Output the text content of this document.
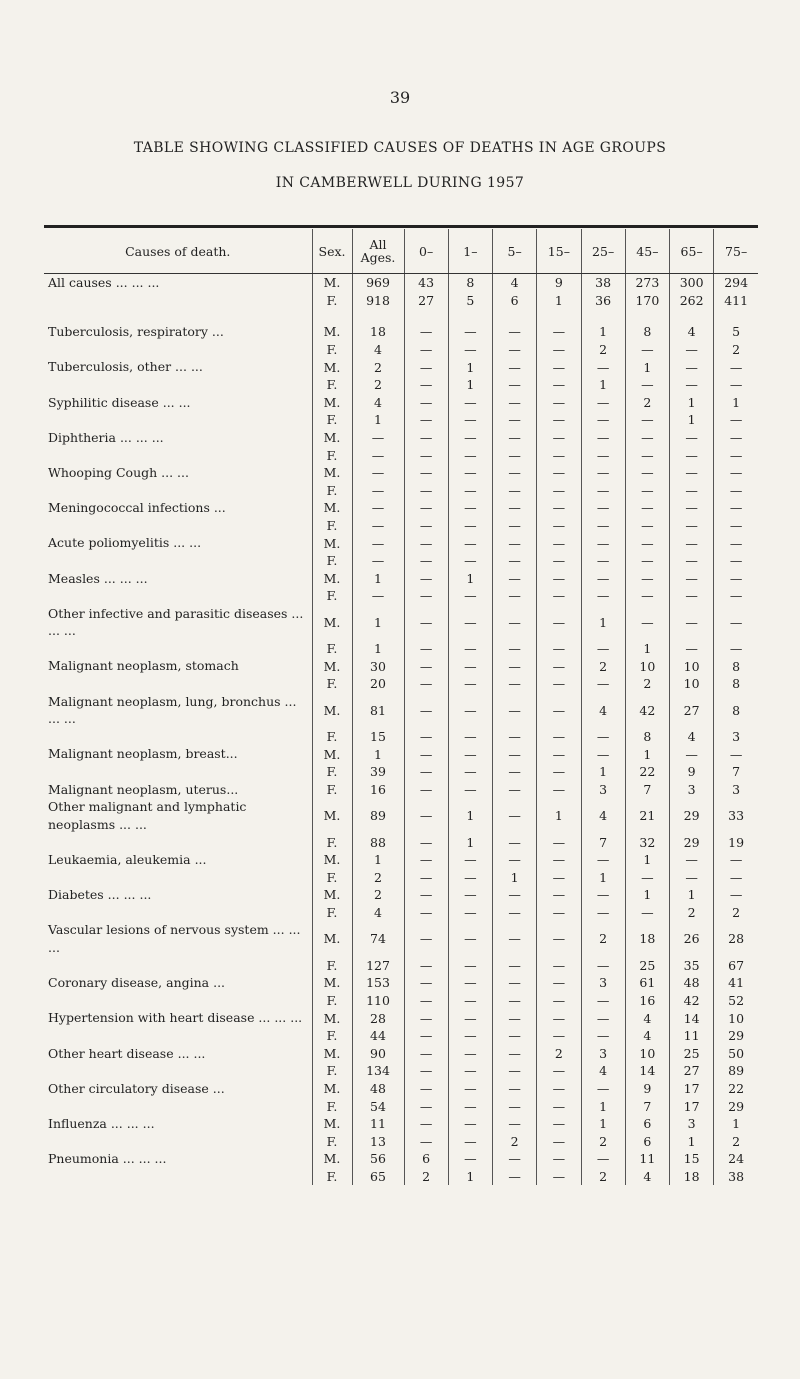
39
TABLE SHOWING CLASSIFIED CAUSES OF DEATHS IN AGE GROUPS
IN CAMBERWELL DURING 1957
Causes of death.	Sex.	All Ages.	0–	1–	5–	15–	25–	45–	65–	75–
All causes ... ... ...	M.	969	43	8	4	9	38	273	300	294
	F.	918	27	5	6	1	36	170	262	411

Tuberculosis, respiratory ...	M.	18	—	—	—	—	1	8	4	5
	F.	4	—	—	—	—	2	—	—	2
Tuberculosis, other ... ...	M.	2	—	1	—	—	—	1	—	—
	F.	2	—	1	—	—	1	—	—	—
Syphilitic disease ... ...	M.	4	—	—	—	—	—	2	1	1
	F.	1	—	—	—	—	—	—	1	—
Diphtheria ... ... ...	M.	—	—	—	—	—	—	—	—	—
	F.	—	—	—	—	—	—	—	—	—
Whooping Cough ... ...	M.	—	—	—	—	—	—	—	—	—
	F.	—	—	—	—	—	—	—	—	—
Meningococcal infections ...	M.	—	—	—	—	—	—	—	—	—
	F.	—	—	—	—	—	—	—	—	—
Acute poliomyelitis ... ...	M.	—	—	—	—	—	—	—	—	—
	F.	—	—	—	—	—	—	—	—	—
Measles ... ... ...	M.	1	—	1	—	—	—	—	—	—
	F.	—	—	—	—	—	—	—	—	—
Other infective and parasitic diseases ... ... ...	M.	1	—	—	—	—	1	—	—	—
	F.	1	—	—	—	—	—	1	—	—
Malignant neoplasm, stomach	M.	30	—	—	—	—	2	10	10	8
	F.	20	—	—	—	—	—	2	10	8
Malignant neoplasm, lung, bronchus ... ... ...	M.	81	—	—	—	—	4	42	27	8
	F.	15	—	—	—	—	—	8	4	3
Malignant neoplasm, breast...	M.	1	—	—	—	—	—	1	—	—
	F.	39	—	—	—	—	1	22	9	7
Malignant neoplasm, uterus...	F.	16	—	—	—	—	3	7	3	3
Other malignant and lymphatic neoplasms ... ...	M.	89	—	1	—	1	4	21	29	33
	F.	88	—	1	—	—	7	32	29	19
Leukaemia, aleukemia ...	M.	1	—	—	—	—	—	1	—	—
	F.	2	—	—	1	—	1	—	—	—
Diabetes ... ... ...	M.	2	—	—	—	—	—	1	1	—
	F.	4	—	—	—	—	—	—	2	2
Vascular lesions of nervous system ... ... ...	M.	74	—	—	—	—	2	18	26	28
	F.	127	—	—	—	—	—	25	35	67
Coronary disease, angina ...	M.	153	—	—	—	—	3	61	48	41
	F.	110	—	—	—	—	—	16	42	52
Hypertension with heart disease ... ... ...	M.	28	—	—	—	—	—	4	14	10
	F.	44	—	—	—	—	—	4	11	29
Other heart disease ... ...	M.	90	—	—	—	2	3	10	25	50
	F.	134	—	—	—	—	4	14	27	89
Other circulatory disease ...	M.	48	—	—	—	—	—	9	17	22
	F.	54	—	—	—	—	1	7	17	29
Influenza ... ... ...	M.	11	—	—	—	—	1	6	3	1
	F.	13	—	—	2	—	2	6	1	2
Pneumonia ... ... ...	M.	56	6	—	—	—	—	11	15	24
	F.	65	2	1	—	—	2	4	18	38
